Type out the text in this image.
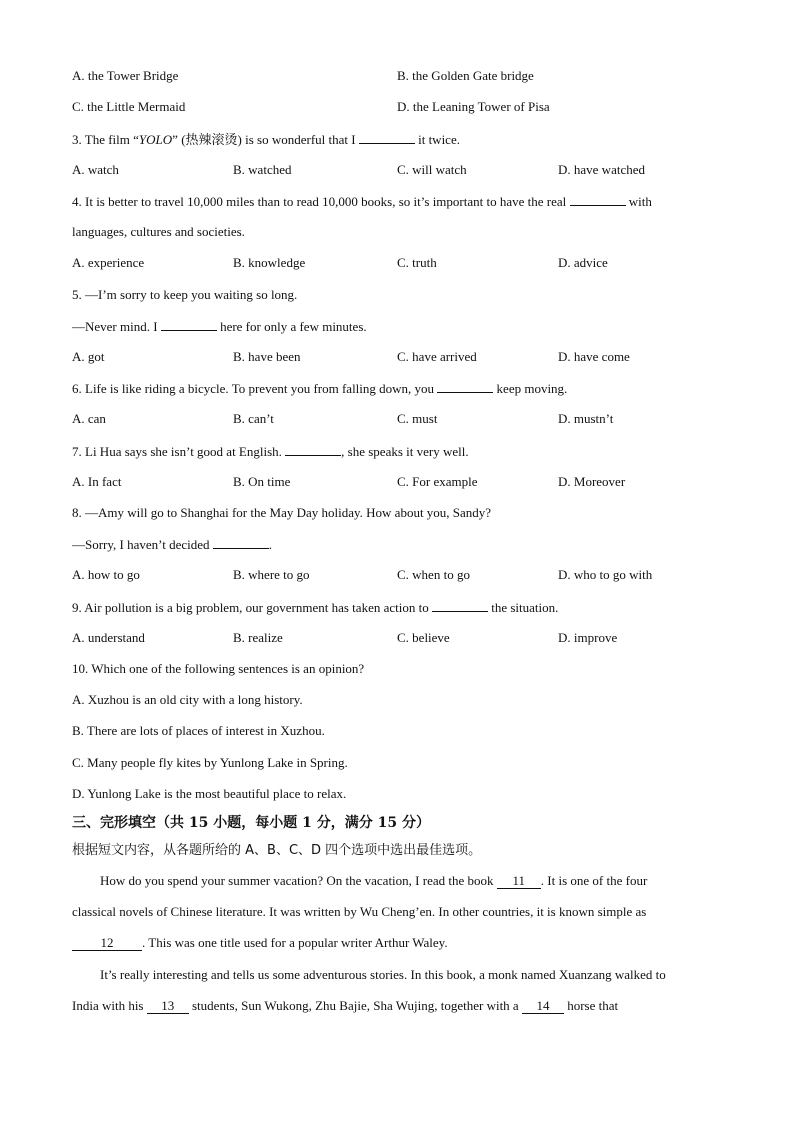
A. the Tower Bridge	B. the Golden Gate bridge
C. the Little Mermaid	D. the Leaning Tower of Pisa
3. The film “YOLO” (热辣滚烫) is so wonderful that I	it twice.
A. watch	B. watched	C. will watch	D. have watched
4. It is better to travel 10,000 miles than to read 10,000 books, so it’s important to have the real	with
languages, cultures and societies.
A. experience	B. knowledge	C. truth	D. advice
5. —I’m sorry to keep you waiting so long.
—Never mind. I	here for only a few minutes.
A. got	B. have been	C. have arrived	D. have come
6. Life is like riding a bicycle. To prevent you from falling down, you	keep moving.
A. can	B. can’t	C. must	D. mustn’t
7. Li Hua says she isn’t good at English.	, she speaks it very well.
A. In fact	B. On time	C. For example	D. Moreover
8. —Amy will go to Shanghai for the May Day holiday. How about you, Sandy?
—Sorry, I haven’t decided	.
A. how to go	B. where to go	C. when to go	D. who to go with
9. Air pollution is a big problem, our government has taken action to	the situation.
A. understand	B. realize	C. believe	D. improve
10. Which one of the following sentences is an opinion?
A. Xuzhou is an old city with a long history.
B. There are lots of places of interest in Xuzhou.
C. Many people fly kites by Yunlong Lake in Spring.
D. Yunlong Lake is the most beautiful place to relax.
三、完形填空（共 15 小题，每小题 1 分，满分 15 分）
根据短文内容，从各题所给的 A、B、C、D 四个选项中选出最佳选项。
How do you spend your summer vacation? On the vacation, I read the book 11 . It is one of the four
classical novels of Chinese literature. It was written by Wu Cheng’en. In other countries, it is known simple as
12 . This was one title used for a popular writer Arthur Waley.
It’s really interesting and tells us some adventurous stories. In this book, a monk named Xuanzang walked to
India with his 13 students, Sun Wukong, Zhu Bajie, Sha Wujing, together with a 14 horse that
